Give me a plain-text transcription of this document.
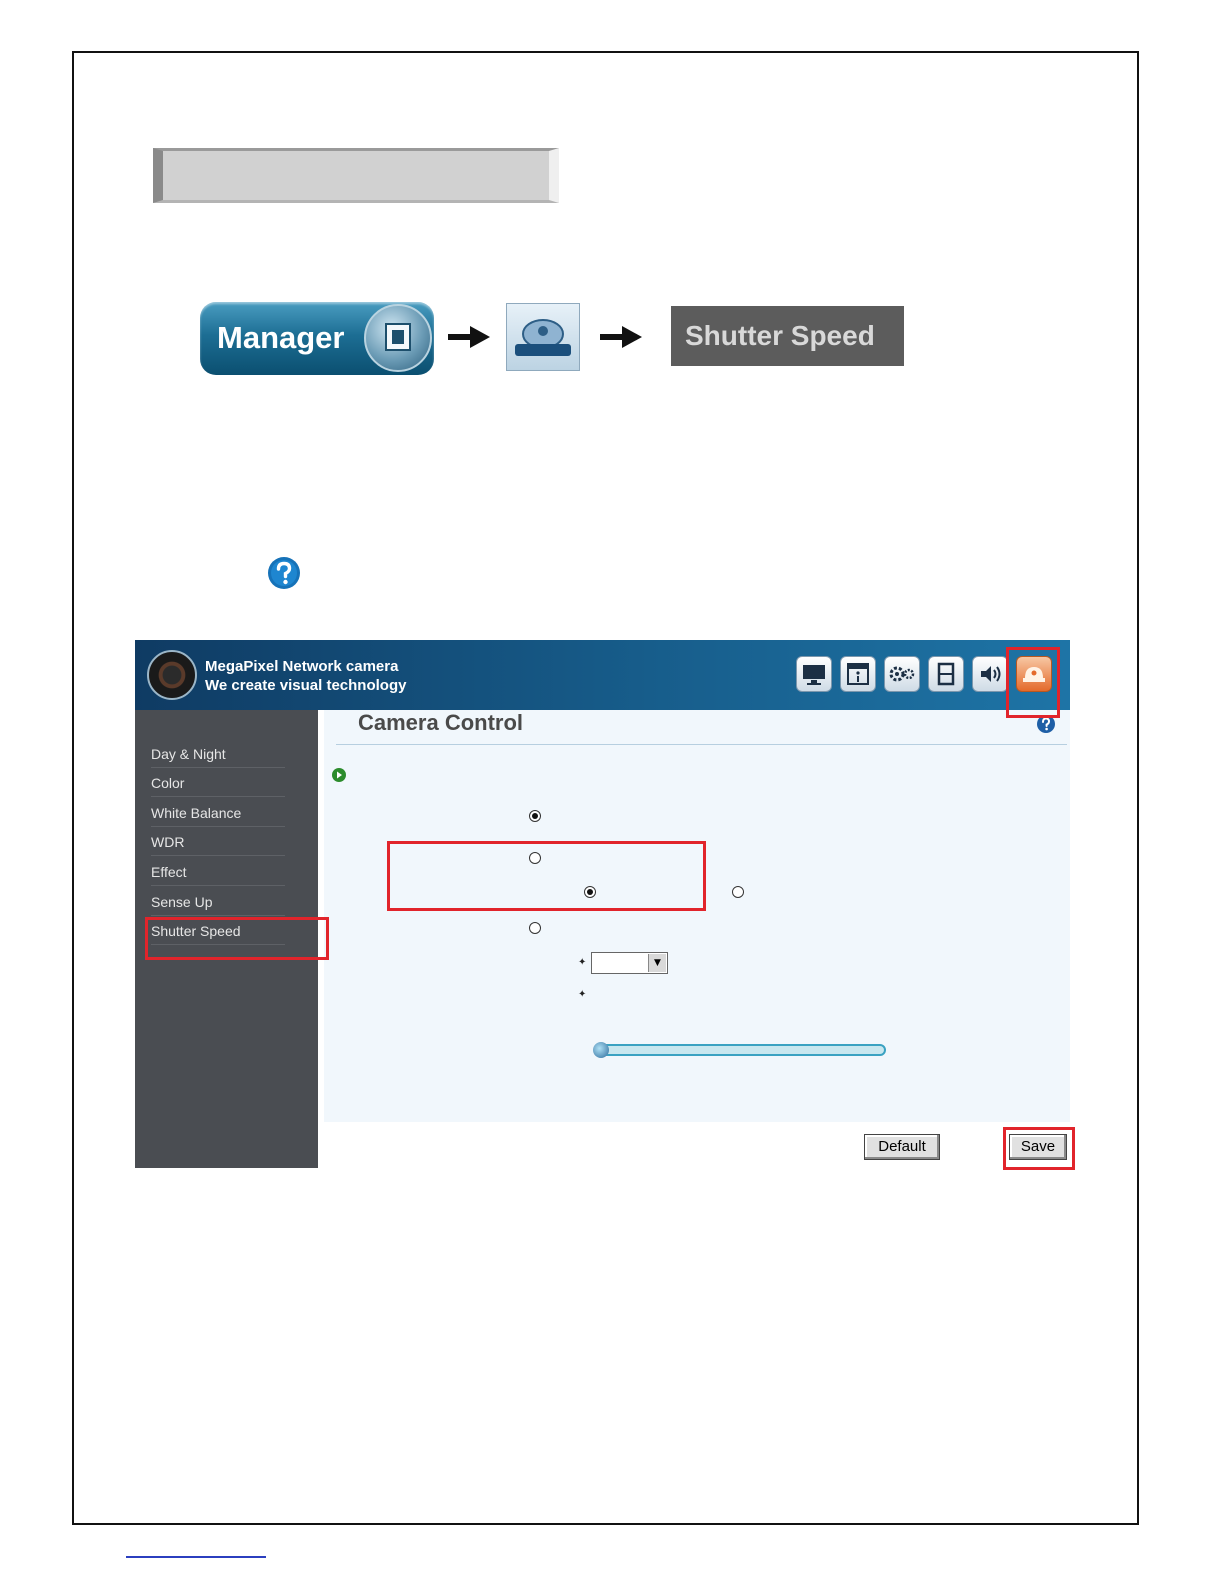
Manager	Shutter Speed
MegaPixel Network camera
We create visual technology
Day & Night
Color
White Balance
WDR
Effect
Sense Up
Shutter Speed
Camera Control
✦
✦
▼
Default	Save
